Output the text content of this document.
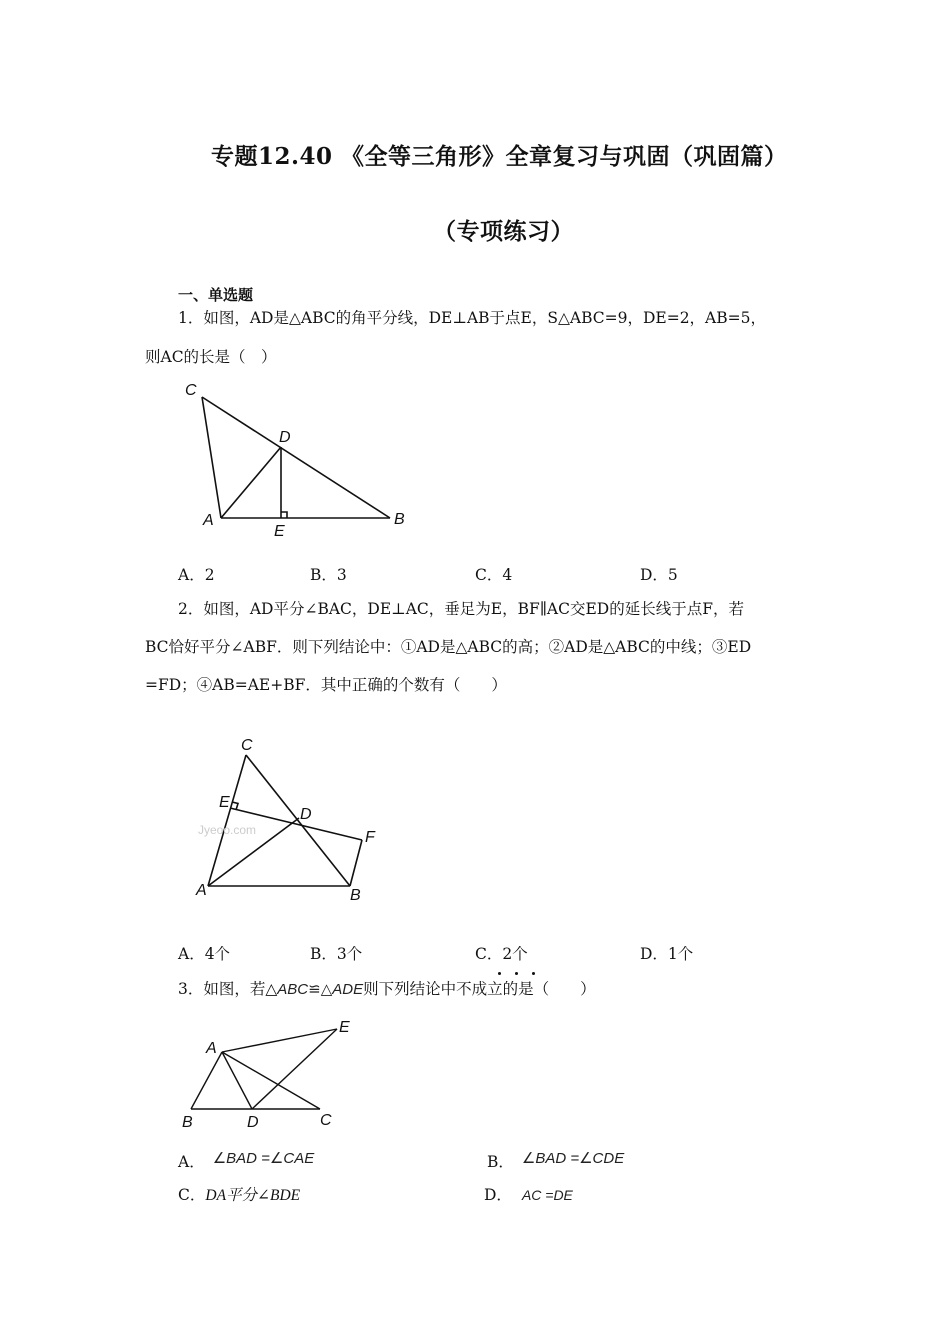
专题12.40 《全等三角形》全章复习与巩固（巩固篇）
（专项练习）
一、单选题
1．如图，AD是△ABC的角平分线，DE⊥AB于点E，S△ABC=9，DE=2，AB=5，
则AC的长是（　）
C
D
A
E
B
A．2	B．3	C．4	D．5
2．如图，AD平分∠BAC，DE⊥AC，垂足为E，BF∥AC交ED的延长线于点F，若
BC恰好平分∠ABF．则下列结论中：①AD是△ABC的高；②AD是△ABC的中线；③ED
=FD；④AB=AE+BF．其中正确的个数有（　　）
Jyeoo.com
C
E
D
F
A	B
A．4个	B．3个	C．2个	D．1个
3．如图，若△ABC≌△ADE则下列结论中不成立的是（　　）
A
E
B	D	C
A． ∠BAD =∠CAE	B． ∠BAD =∠CDE
C．DA平分∠BDE	D． AC =DE
